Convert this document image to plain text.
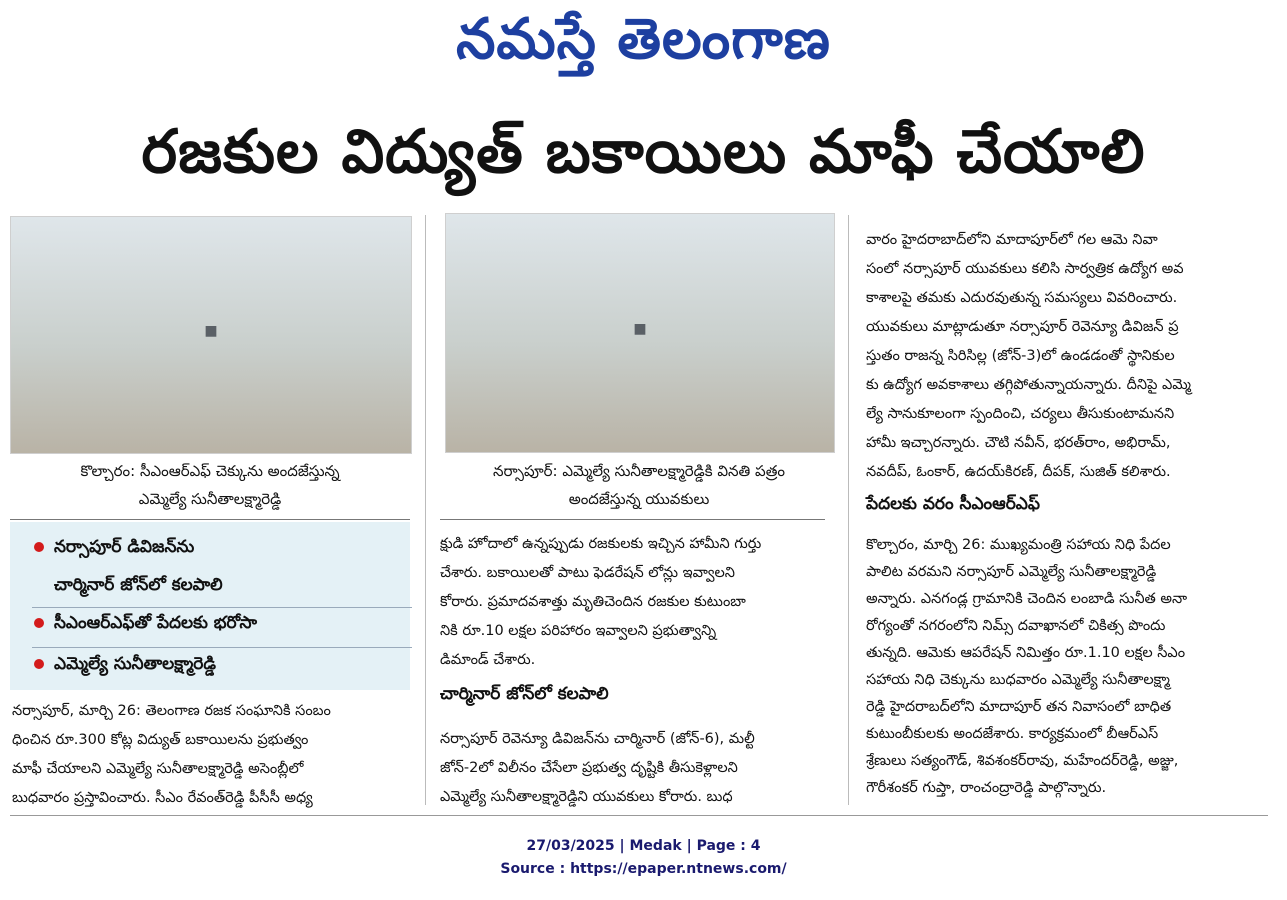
నమస్తే తెలంగాణ
రజకుల విద్యుత్ బకాయిలు మాఫీ చేయాలి
■	■
కొల్చారం: సీఎంఆర్ఎఫ్ చెక్కును అందజేస్తున్న
ఎమ్మెల్యే సునీతాలక్ష్మారెడ్డి
నర్సాపూర్: ఎమ్మెల్యే సునీతాలక్ష్మారెడ్డికి వినతి పత్రం
అందజేస్తున్న యువకులు
నర్సాపూర్ డివిజన్‌ను
చార్మినార్ జోన్‌లో కలపాలి
సీఎంఆర్ఎఫ్‌తో పేదలకు భరోసా
ఎమ్మెల్యే సునీతాలక్ష్మారెడ్డి

నర్సాపూర్, మార్చి 26: తెలంగాణ రజక సంఘానికి సంబం

ధించిన రూ.300 కోట్ల విద్యుత్ బకాయిలను ప్రభుత్వం

మాఫీ చేయాలని ఎమ్మెల్యే సునీతాలక్ష్మారెడ్డి అసెంబ్లీలో

బుధవారం ప్రస్తావించారు. సీఎం రేవంత్‌రెడ్డి పీసీసీ అధ్య

క్షుడి హోదాలో ఉన్నప్పుడు రజకులకు ఇచ్చిన హామీని గుర్తు

చేశారు. బకాయిలతో పాటు ఫెడరేషన్ లోన్లు ఇవ్వాలని

కోరారు. ప్రమాదవశాత్తు మృతిచెందిన రజకుల కుటుంబా

నికి రూ.10 లక్షల పరిహారం ఇవ్వాలని ప్రభుత్వాన్ని

డిమాండ్ చేశారు.

చార్మినార్ జోన్‌లో కలపాలి

నర్సాపూర్ రెవెన్యూ డివిజన్‌ను చార్మినార్ (జోన్-6), మల్టీ

జోన్-2లో విలీనం చేసేలా ప్రభుత్వ దృష్టికి తీసుకెళ్లాలని

ఎమ్మెల్యే సునీతాలక్ష్మారెడ్డిని యువకులు కోరారు. బుధ

వారం హైదరాబాద్‌లోని మాదాపూర్‌లో గల ఆమె నివా

సంలో నర్సాపూర్ యువకులు కలిసి సార్వత్రిక ఉద్యోగ అవ

కాశాలపై తమకు ఎదురవుతున్న సమస్యలు వివరించారు.

యువకులు మాట్లాడుతూ నర్సాపూర్ రెవెన్యూ డివిజన్ ప్ర

స్తుతం రాజన్న సిరిసిల్ల (జోన్-3)లో ఉండడంతో స్థానికుల

కు ఉద్యోగ అవకాశాలు తగ్గిపోతున్నాయన్నారు. దీనిపై ఎమ్మె

ల్యే సానుకూలంగా స్పందించి, చర్యలు తీసుకుంటామనని

హామీ ఇచ్చారన్నారు. చౌటి నవీన్, భరత్‌రాం, అభిరామ్,

నవదీప్, ఓంకార్, ఉదయ్‌కిరణ్, దీపక్, సుజిత్ కలిశారు.

పేదలకు వరం సీఎంఆర్ఎఫ్

కొల్చారం, మార్చి 26: ముఖ్యమంత్రి సహాయ నిధి పేదల

పాలిట వరమని నర్సాపూర్ ఎమ్మెల్యే సునీతాలక్ష్మారెడ్డి

అన్నారు. ఎనగండ్ల గ్రామానికి చెందిన లంబాడి సునీత అనా

రోగ్యంతో నగరంలోని నిమ్స్ దవాఖానలో చికిత్స పొందు

తున్నది. ఆమెకు ఆపరేషన్ నిమిత్తం రూ.1.10 లక్షల సీఎం

సహాయ నిధి చెక్కును బుధవారం ఎమ్మెల్యే సునీతాలక్ష్మా

రెడ్డి హైదరాబద్‌లోని మాదాపూర్ తన నివాసంలో బాధిత

కుటుంబీకులకు అందజేశారు. కార్యక్రమంలో బీఆర్ఎస్

శ్రేణులు సత్యంగౌడ్, శివశంకర్‌రావు, మహేందర్‌రెడ్డి, అజ్జు,

గౌరీశంకర్ గుప్తా, రాంచంద్రారెడ్డి పాల్గొన్నారు.

27/03/2025 | Medak | Page : 4
Source : https://epaper.ntnews.com/
